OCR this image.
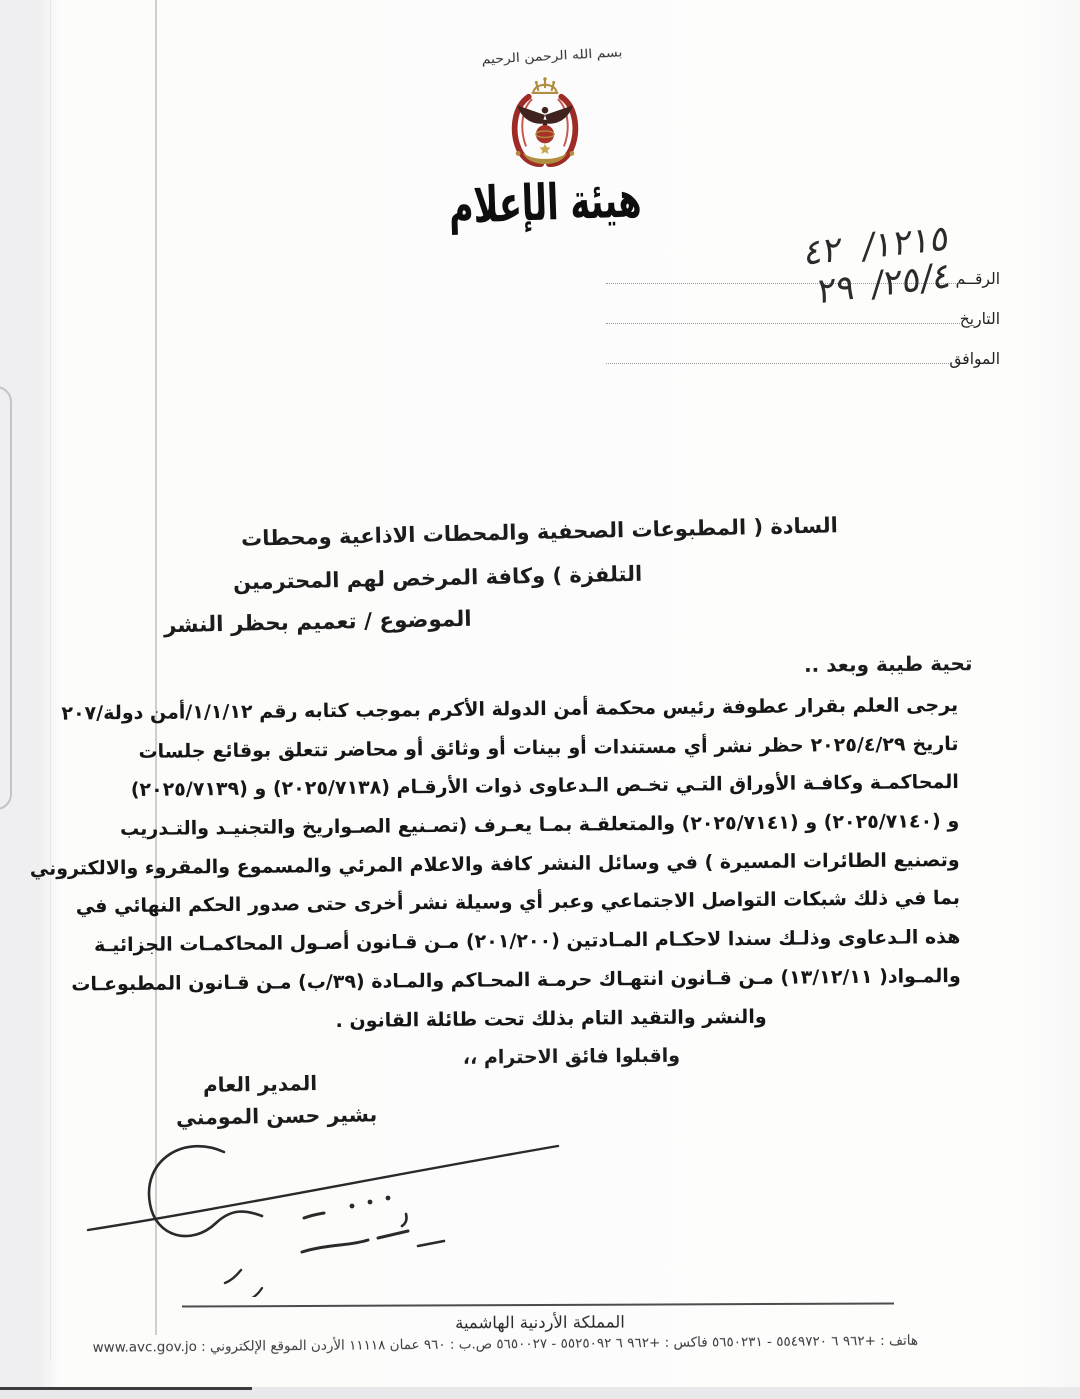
بسم الله الرحمن الرحيم
هيئة الإعلام
الرقــم
التاريخ
الموافق
١٢١٥/ ٤٢
٢٥/٤/ ٢٩
السادة ( المطبوعات الصحفية والمحطات الاذاعية ومحطات
التلفزة ) وكافة المرخص لهم المحترمين
الموضوع / تعميم بحظر النشر
تحية طيبة وبعد ..
يرجى العلم بقرار عطوفة رئيس محكمة أمن الدولة الأكرم بموجب كتابه رقم ١/١/١٢/أمن دولة/٢٠٧
تاريخ ٢٠٢٥/٤/٢٩ حظر نشر أي مستندات أو بينات أو وثائق أو محاضر تتعلق بوقائع جلسات
المحاكمـة وكافـة الأوراق التـي تخـص الـدعاوى ذوات الأرقـام (٢٠٢٥/٧١٣٨) و (٢٠٢٥/٧١٣٩)
و (٢٠٢٥/٧١٤٠) و (٢٠٢٥/٧١٤١) والمتعلقـة بمـا يعـرف (تصـنيع الصـواريخ والتجنيـد والتـدريب
وتصنيع الطائرات المسيرة ) في وسائل النشر كافة والاعلام المرئي والمسموع والمقروء والالكتروني
بما في ذلك شبكات التواصل الاجتماعي وعبر أي وسيلة نشر أخرى حتى صدور الحكم النهائي في
هذه الـدعاوى وذلـك سندا لاحكـام المـادتين (٢٠١/٢٠٠) مـن قـانون أصـول المحاكمـات الجزائيـة
والمـواد( ١٣/١٢/١١) مـن قـانون انتهـاك حرمـة المحـاكم والمـادة (٣٩/ب) مـن قـانون المطبوعـات
والنشر والتقيد التام بذلك تحت طائلة القانون .
واقبلوا فائق الاحترام ،،
المدير العام
بشير حسن المومني
المملكة الأردنية الهاشمية
هاتف : +٩٦٢ ٦ ٥٥٤٩٧٢٠ - ٥٦٥٠٢٣١ فاكس : +٩٦٢ ٦ ٥٥٢٥٠٩٢ - ٥٦٥٠٠٢٧ ص.ب : ٩٦٠ عمان ١١١١٨ الأردن الموقع الإلكتروني : www.avc.gov.jo
